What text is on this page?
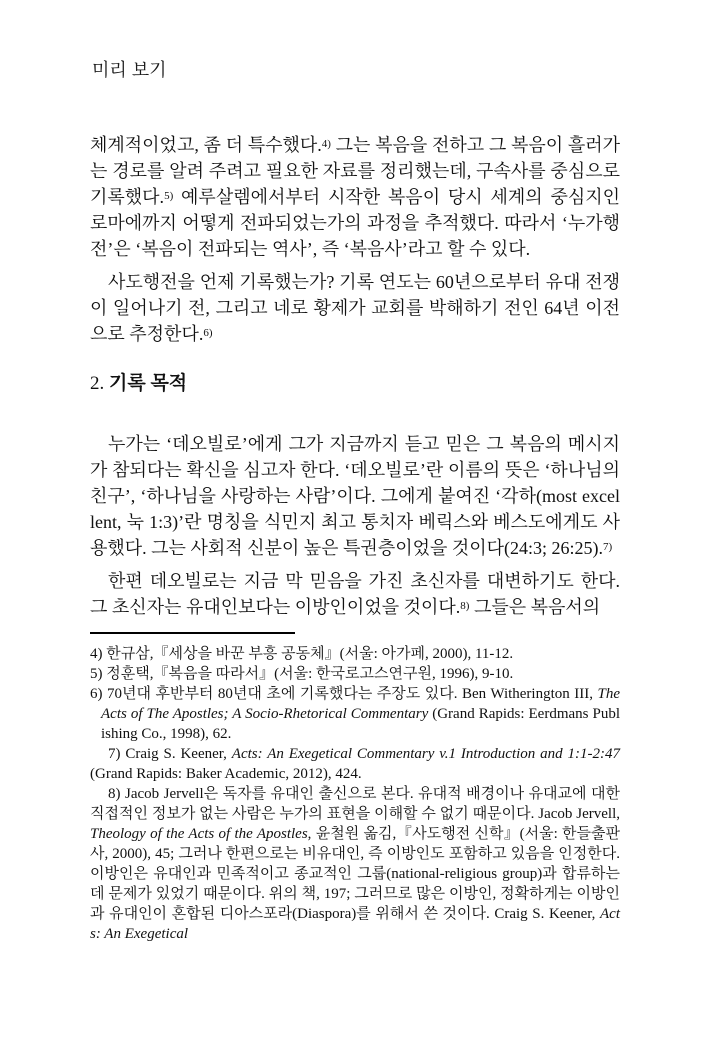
미리 보기
체계적이었고, 좀 더 특수했다.$^{4)}$ 그는 복음을 전하고 그 복음이 흘러가는 경로를 알려 주려고 필요한 자료를 정리했는데, 구속사를 중심으로 기록했다.$^{5)}$ 예루살렘에서부터 시작한 복음이 당시 세계의 중심지인 로마에까지 어떻게 전파되었는가의 과정을 추적했다. 따라서 ‘누가행전’은 ‘복음이 전파되는 역사’, 즉 ‘복음사’라고 할 수 있다.
사도행전을 언제 기록했는가? 기록 연도는 60년으로부터 유대 전쟁이 일어나기 전, 그리고 네로 황제가 교회를 박해하기 전인 64년 이전으로 추정한다.$^{6)}$
2. 기록 목적
누가는 ‘데오빌로’에게 그가 지금까지 듣고 믿은 그 복음의 메시지가 참되다는 확신을 심고자 한다. ‘데오빌로’란 이름의 뜻은 ‘하나님의 친구’, ‘하나님을 사랑하는 사람’이다. 그에게 붙여진 ‘각하(most excellent, 눅 1:3)’란 명칭을 식민지 최고 통치자 베릭스와 베스도에게도 사용했다. 그는 사회적 신분이 높은 특권층이었을 것이다(24:3; 26:25).$^{7)}$
한편 데오빌로는 지금 막 믿음을 가진 초신자를 대변하기도 한다. 그 초신자는 유대인보다는 이방인이었을 것이다.$^{8)}$ 그들은 복음서의
4) 한규삼,『세상을 바꾼 부흥 공동체』(서울: 아가페, 2000), 11-12.
5) 정훈택,『복음을 따라서』(서울: 한국로고스연구원, 1996), 9-10.
6) 70년대 후반부터 80년대 초에 기록했다는 주장도 있다. Ben Witherington III, The Acts of The Apostles; A Socio-Rhetorical Commentary (Grand Rapids: Eerdmans Publishing Co., 1998), 62.
7) Craig S. Keener, Acts: An Exegetical Commentary v.1 Introduction and 1:1-2:47 (Grand Rapids: Baker Academic, 2012), 424.
8) Jacob Jervell은 독자를 유대인 출신으로 본다. 유대적 배경이나 유대교에 대한 직접적인 정보가 없는 사람은 누가의 표현을 이해할 수 없기 때문이다. Jacob Jervell, Theology of the Acts of the Apostles, 윤철원 옮김,『사도행전 신학』(서울: 한들출판사, 2000), 45; 그러나 한편으로는 비유대인, 즉 이방인도 포함하고 있음을 인정한다. 이방인은 유대인과 민족적이고 종교적인 그룹(national-religious group)과 합류하는 데 문제가 있었기 때문이다. 위의 책, 197; 그러므로 많은 이방인, 정확하게는 이방인과 유대인이 혼합된 디아스포라(Diaspora)를 위해서 쓴 것이다. Craig S. Keener, Acts: An Exegetical
